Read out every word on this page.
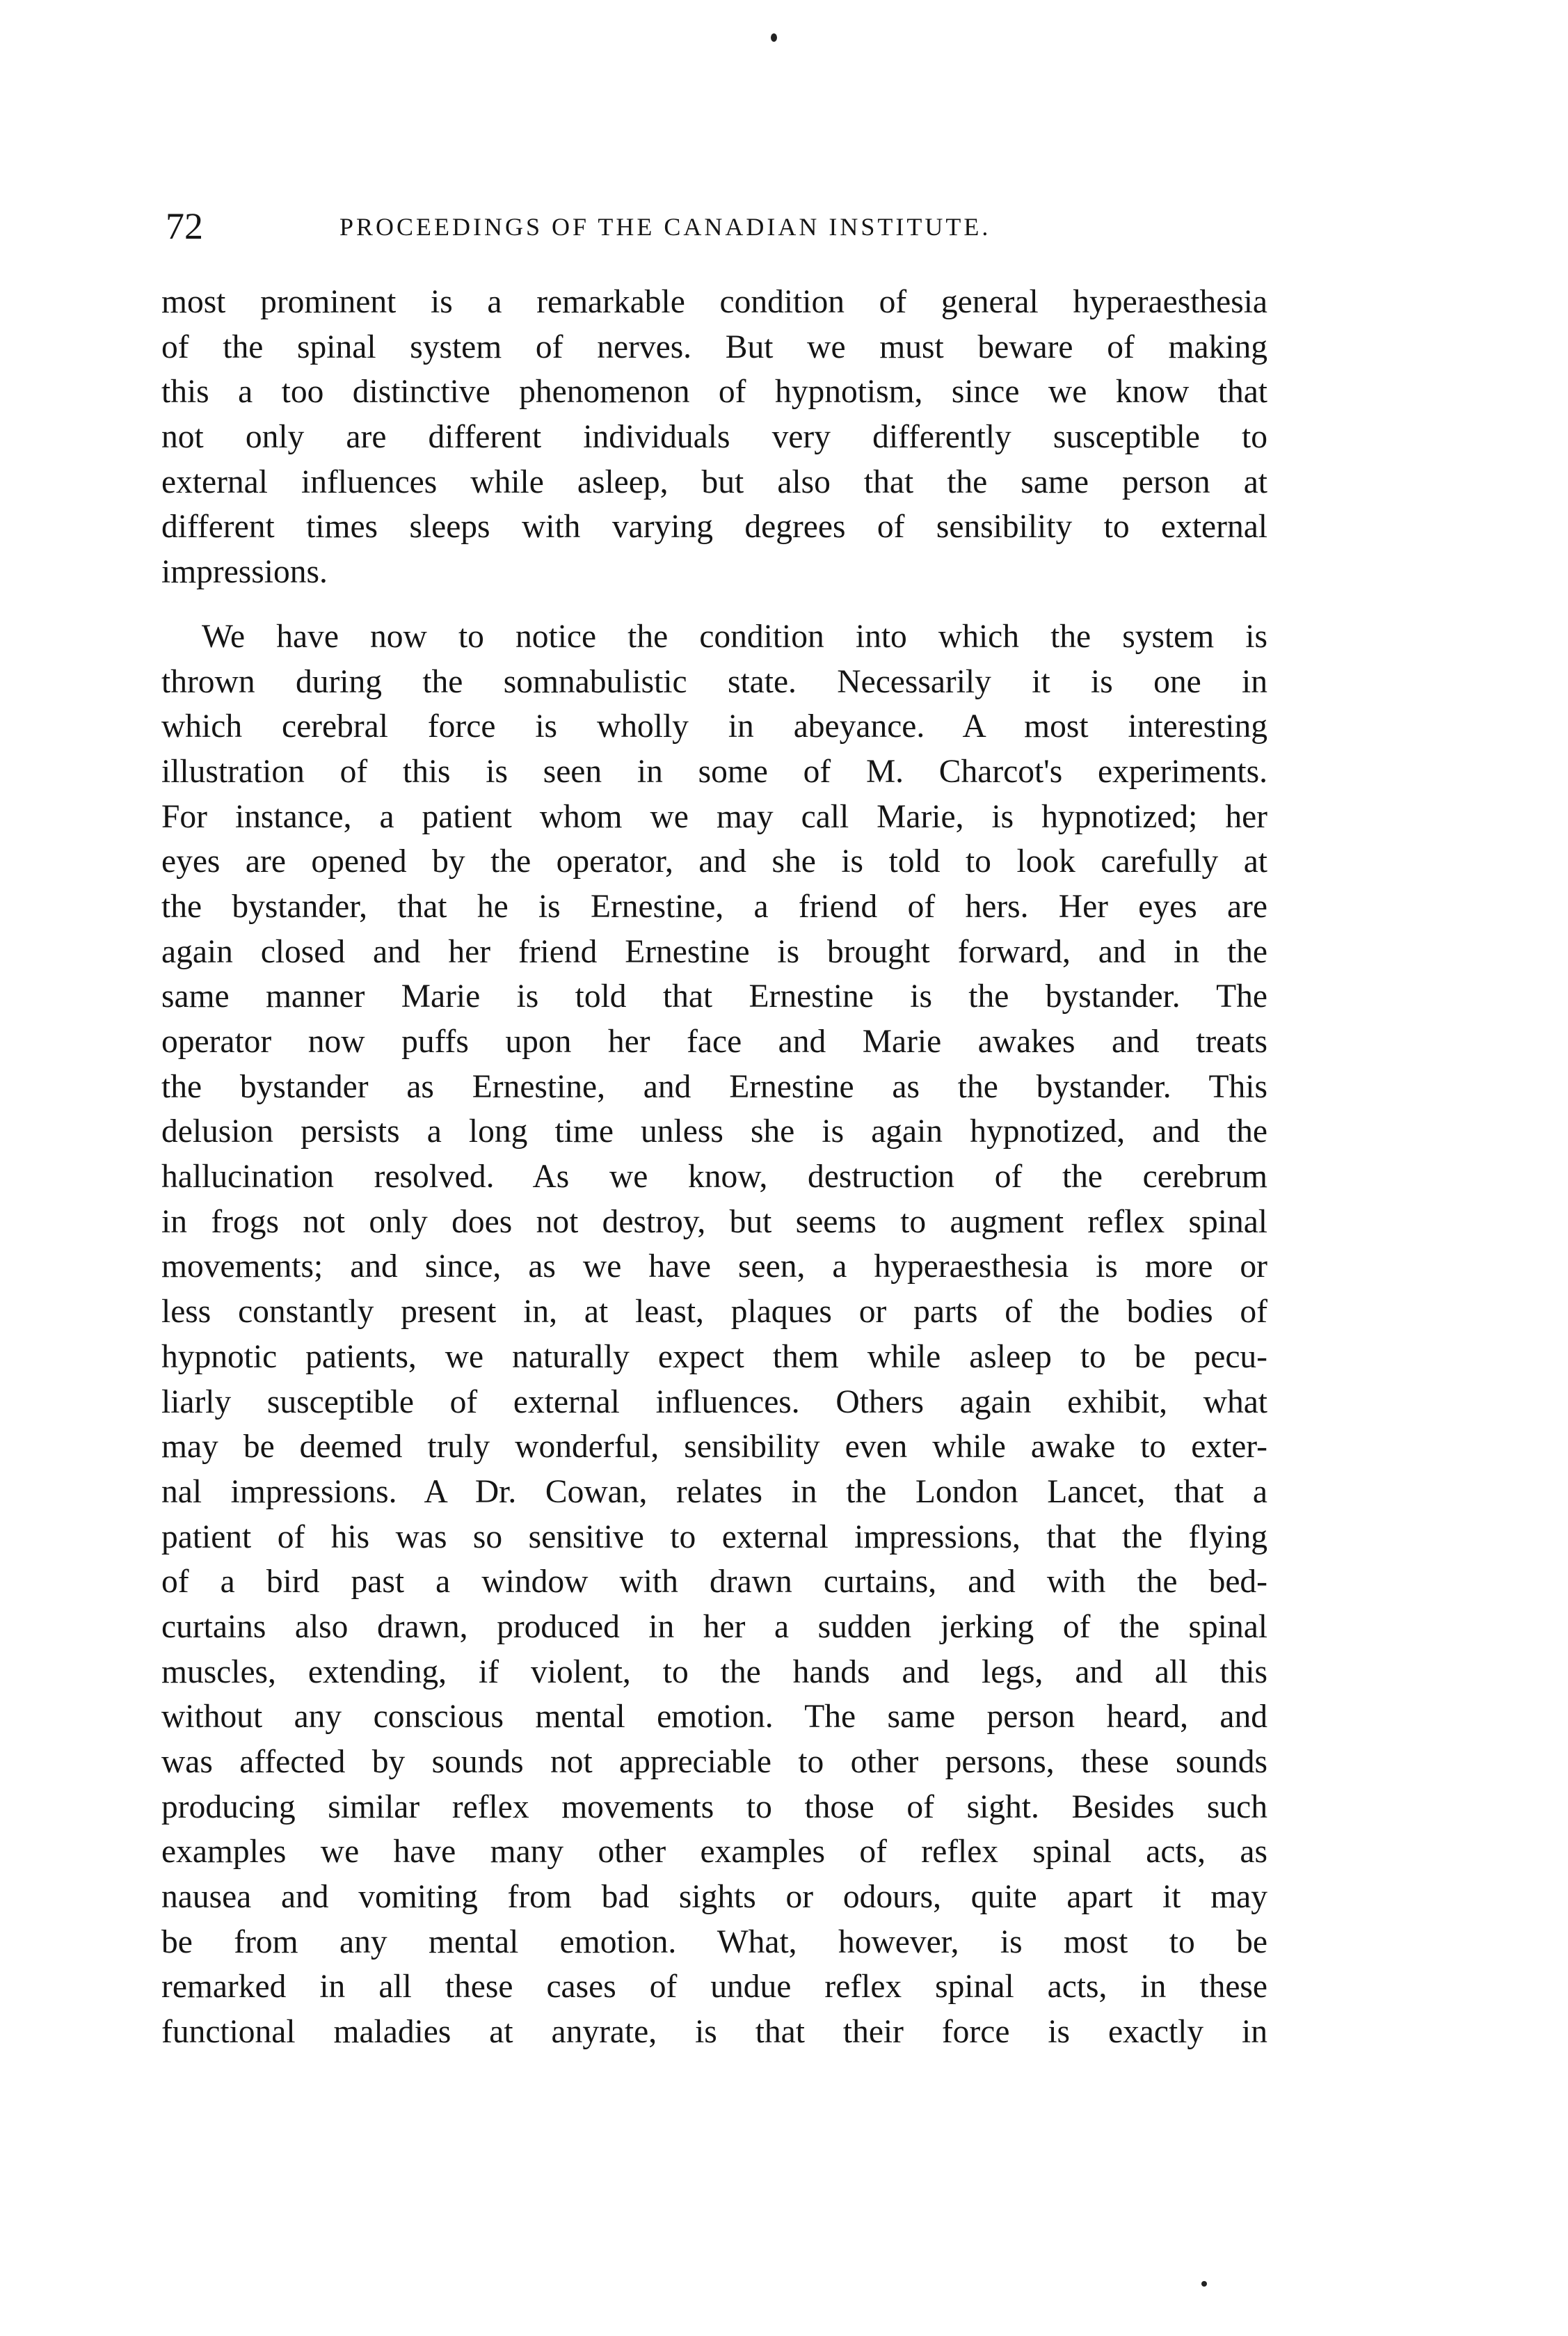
72	PROCEEDINGS OF THE CANADIAN INSTITUTE.
most prominent is a remarkable condition of general hyperaesthesia
of the spinal system of nerves. But we must beware of making
this a too distinctive phenomenon of hypnotism, since we know that
not only are different individuals very differently susceptible to
external influences while asleep, but also that the same person at
different times sleeps with varying degrees of sensibility to external
impressions.
We have now to notice the condition into which the system is
thrown during the somnabulistic state. Necessarily it is one in
which cerebral force is wholly in abeyance. A most interesting
illustration of this is seen in some of M. Charcot's experiments.
For instance, a patient whom we may call Marie, is hypnotized; her
eyes are opened by the operator, and she is told to look carefully at
the bystander, that he is Ernestine, a friend of hers. Her eyes are
again closed and her friend Ernestine is brought forward, and in the
same manner Marie is told that Ernestine is the bystander. The
operator now puffs upon her face and Marie awakes and treats
the bystander as Ernestine, and Ernestine as the bystander. This
delusion persists a long time unless she is again hypnotized, and the
hallucination resolved. As we know, destruction of the cerebrum
in frogs not only does not destroy, but seems to augment reflex spinal
movements; and since, as we have seen, a hyperaesthesia is more or
less constantly present in, at least, plaques or parts of the bodies of
hypnotic patients, we naturally expect them while asleep to be pecu-
liarly susceptible of external influences. Others again exhibit, what
may be deemed truly wonderful, sensibility even while awake to exter-
nal impressions. A Dr. Cowan, relates in the London Lancet, that a
patient of his was so sensitive to external impressions, that the flying
of a bird past a window with drawn curtains, and with the bed-
curtains also drawn, produced in her a sudden jerking of the spinal
muscles, extending, if violent, to the hands and legs, and all this
without any conscious mental emotion. The same person heard, and
was affected by sounds not appreciable to other persons, these sounds
producing similar reflex movements to those of sight. Besides such
examples we have many other examples of reflex spinal acts, as
nausea and vomiting from bad sights or odours, quite apart it may
be from any mental emotion. What, however, is most to be
remarked in all these cases of undue reflex spinal acts, in these
functional maladies at anyrate, is that their force is exactly in
